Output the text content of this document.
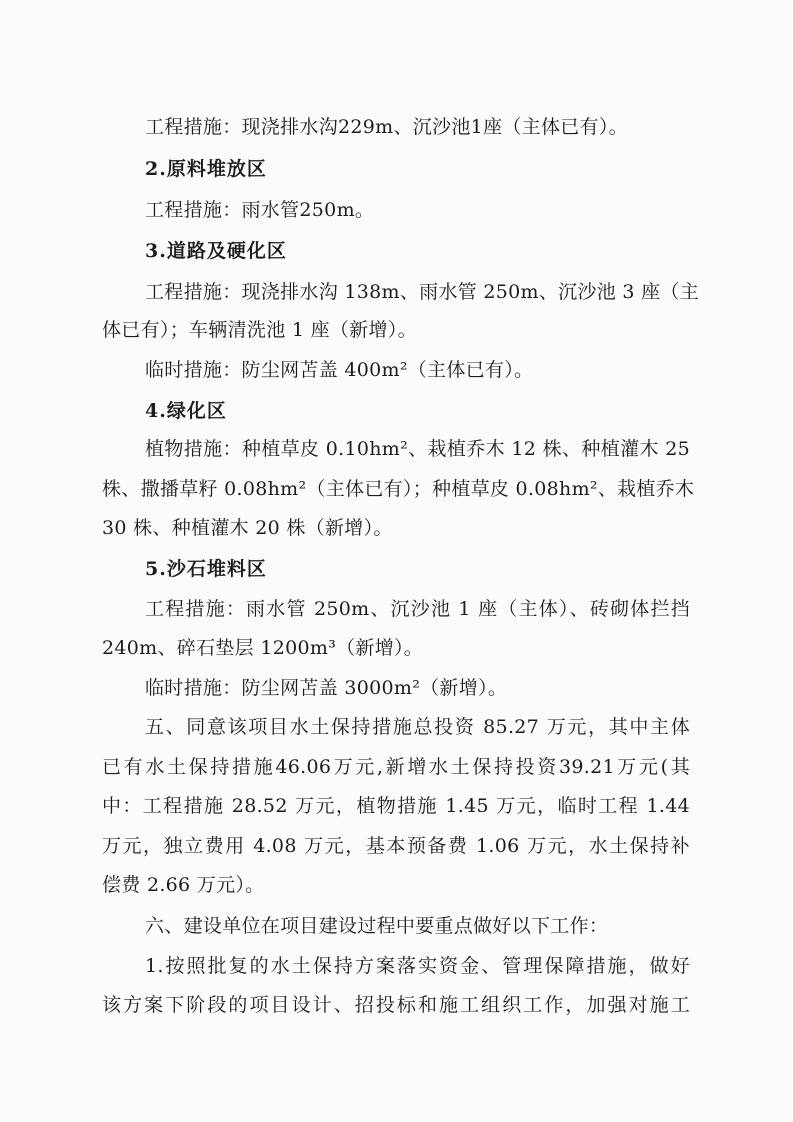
工程措施：现浇排水沟229m、沉沙池1座（主体已有）。
2.原料堆放区
工程措施：雨水管250m。
3.道路及硬化区
工程措施：现浇排水沟 138m、雨水管 250m、沉沙池 3 座（主
体已有）；车辆清洗池 1 座（新增）。
临时措施：防尘网苫盖 400m²（主体已有）。
4.绿化区
植物措施：种植草皮 0.10hm²、栽植乔木 12 株、种植灌木 25
株、撒播草籽 0.08hm²（主体已有）；种植草皮 0.08hm²、栽植乔木
30 株、种植灌木 20 株（新增）。
5.沙石堆料区
工程措施：雨水管 250m、沉沙池 1 座（主体）、砖砌体拦挡
240m、碎石垫层 1200m³（新增）。
临时措施：防尘网苫盖 3000m²（新增）。
五、同意该项目水土保持措施总投资 85.27 万元，其中主体
已有水土保持措施46.06万元,新增水土保持投资39.21万元(其
中：工程措施 28.52 万元，植物措施 1.45 万元，临时工程 1.44
万元，独立费用 4.08 万元，基本预备费 1.06 万元，水土保持补
偿费 2.66 万元）。
六、建设单位在项目建设过程中要重点做好以下工作：
1.按照批复的水土保持方案落实资金、管理保障措施，做好
该方案下阶段的项目设计、招投标和施工组织工作，加强对施工
